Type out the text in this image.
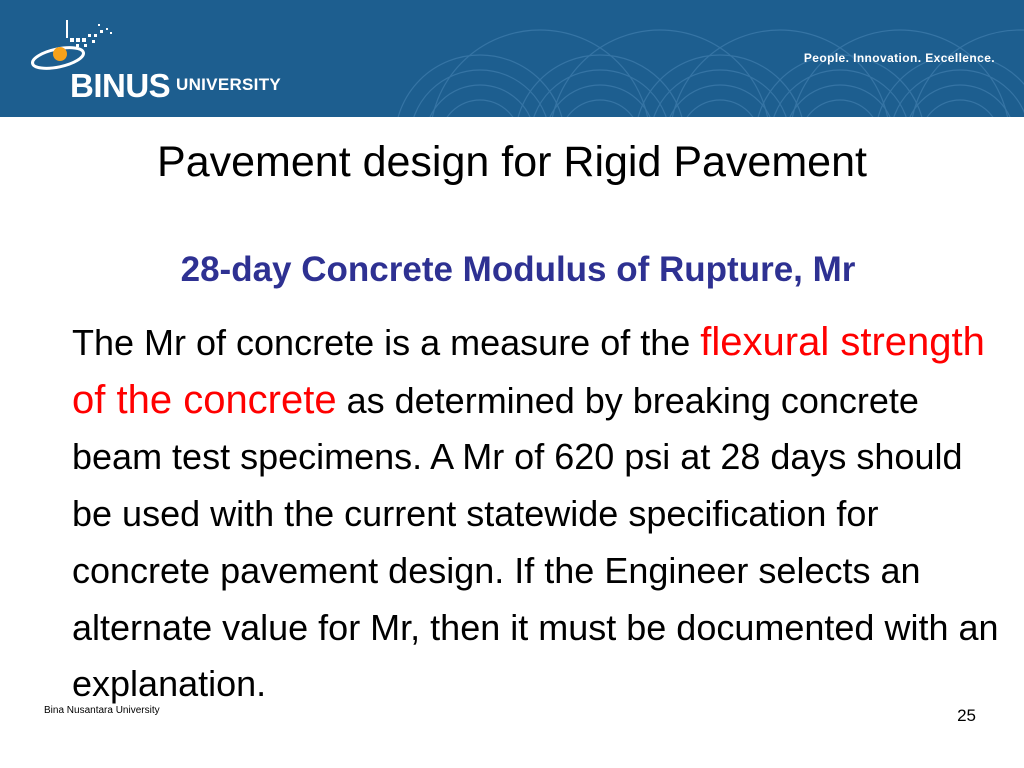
BINUS UNIVERSITY
People. Innovation. Excellence.
Pavement design for Rigid Pavement
28-day Concrete Modulus of Rupture, Mr
The Mr of concrete is a measure of the flexural strength of the concrete as determined by breaking concrete beam test specimens. A Mr of 620 psi at 28 days should be used with the current statewide specification for concrete pavement design. If the Engineer selects an alternate value for Mr, then it must be documented with an explanation.
Bina Nusantara University	25
